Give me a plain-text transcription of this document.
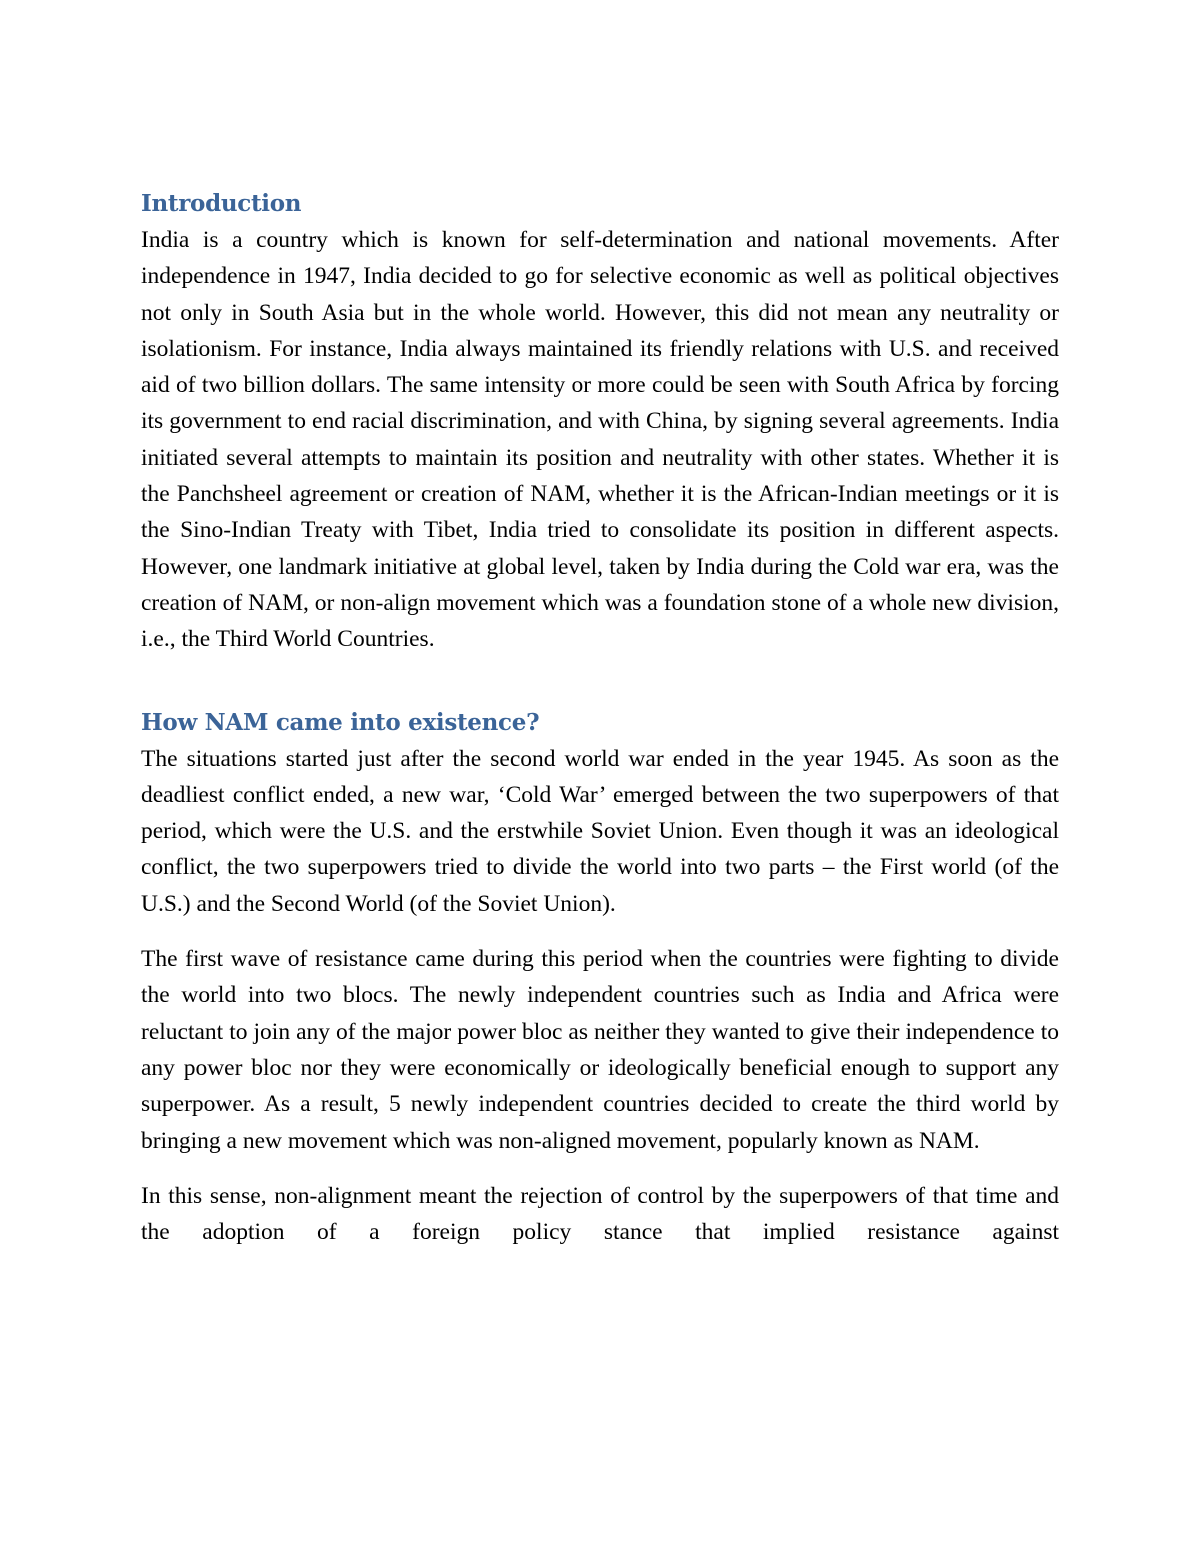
Introduction

India is a country which is known for self-determination and national movements. After independence in 1947, India decided to go for selective economic as well as political objectives not only in South Asia but in the whole world. However, this did not mean any neutrality or isolationism. For instance, India always maintained its friendly relations with U.S. and received aid of two billion dollars. The same intensity or more could be seen with South Africa by forcing its government to end racial discrimination, and with China, by signing several agreements. India initiated several attempts to maintain its position and neutrality with other states. Whether it is the Panchsheel agreement or creation of NAM, whether it is the African-Indian meetings or it is the Sino-Indian Treaty with Tibet, India tried to consolidate its position in different aspects. However, one landmark initiative at global level, taken by India during the Cold war era, was the creation of NAM, or non-align movement which was a foundation stone of a whole new division, i.e., the Third World Countries.

How NAM came into existence?

The situations started just after the second world war ended in the year 1945. As soon as the deadliest conflict ended, a new war, ‘Cold War’ emerged between the two superpowers of that period, which were the U.S. and the erstwhile Soviet Union. Even though it was an ideological conflict, the two superpowers tried to divide the world into two parts – the First world (of the U.S.) and the Second World (of the Soviet Union).

The first wave of resistance came during this period when the countries were fighting to divide the world into two blocs. The newly independent countries such as India and Africa were reluctant to join any of the major power bloc as neither they wanted to give their independence to any power bloc nor they were economically or ideologically beneficial enough to support any superpower. As a result, 5 newly independent countries decided to create the third world by bringing a new movement which was non-aligned movement, popularly known as NAM.

In this sense, non-alignment meant the rejection of control by the superpowers of that time and the adoption of a foreign policy stance that implied resistance against
